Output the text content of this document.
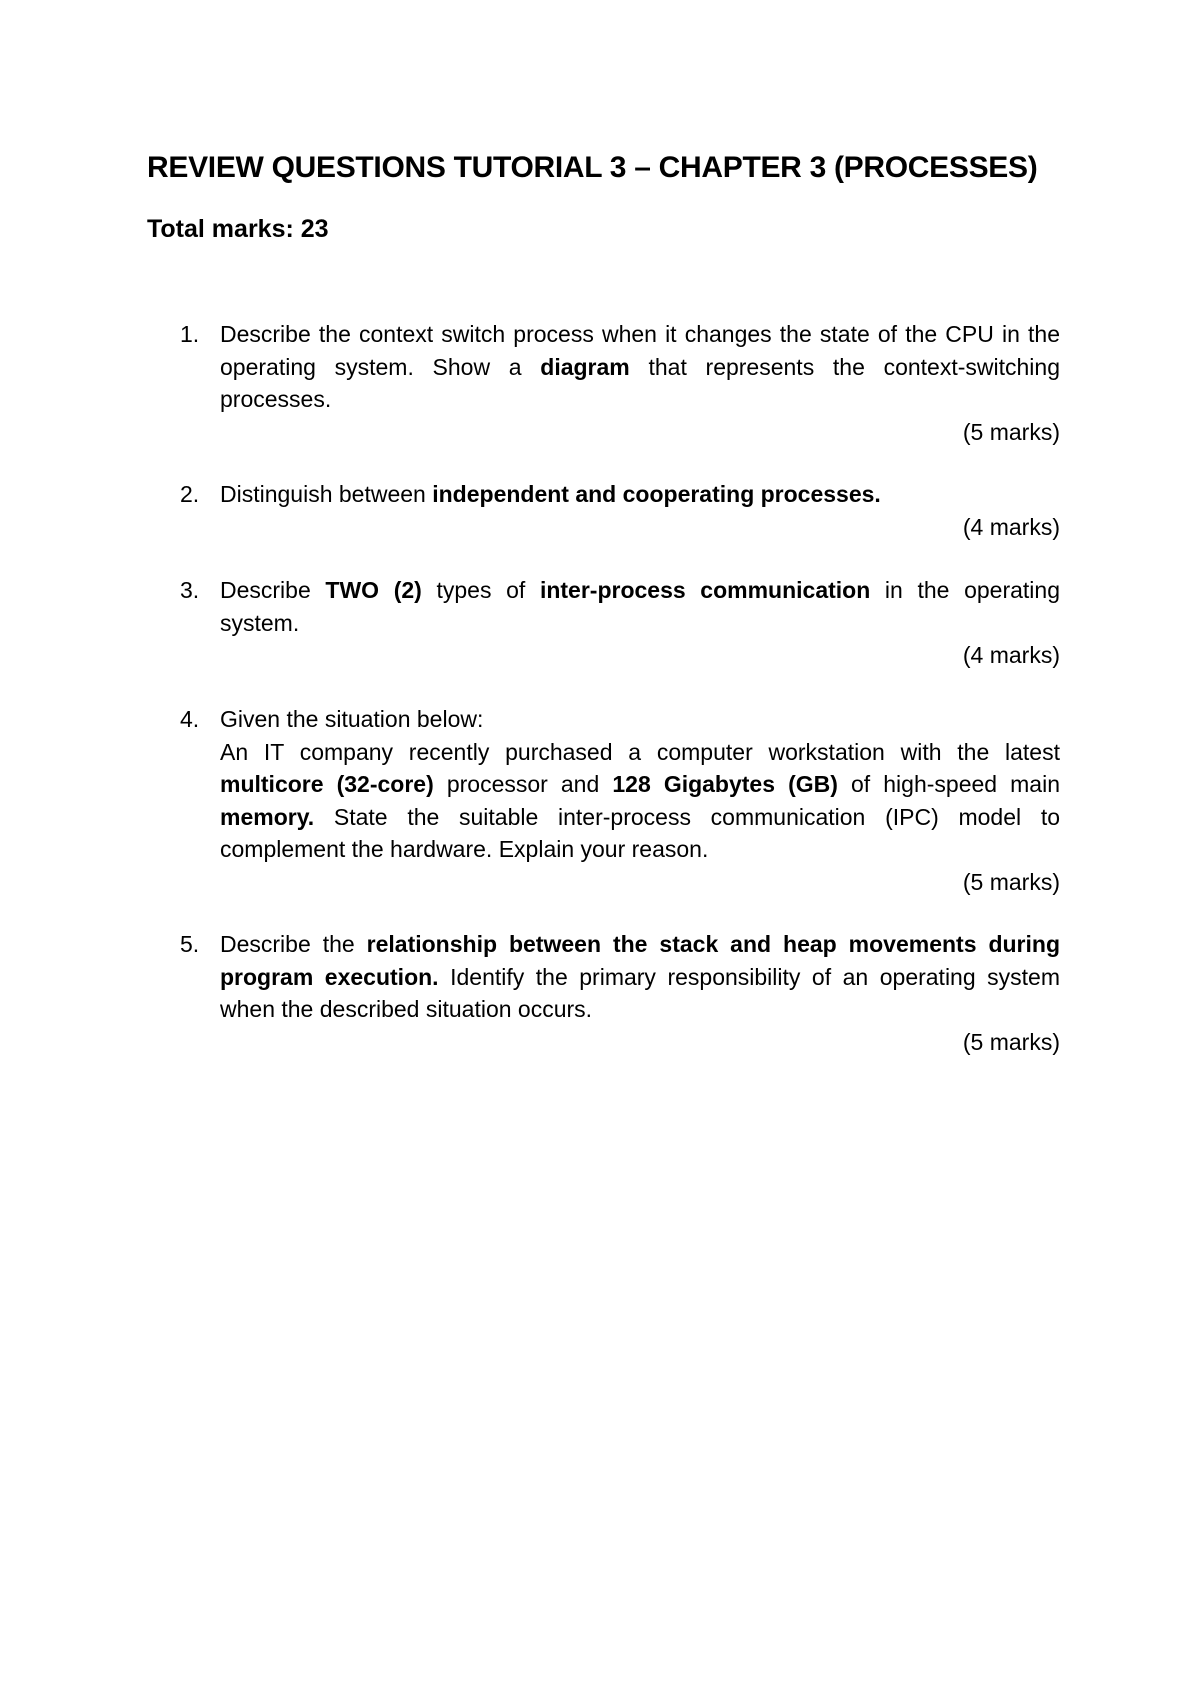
REVIEW QUESTIONS TUTORIAL 3 – CHAPTER 3 (PROCESSES)
Total marks: 23
1. Describe the context switch process when it changes the state of the CPU in the operating system. Show a diagram that represents the context-switching processes.
(5 marks)
2. Distinguish between independent and cooperating processes.
(4 marks)
3. Describe TWO (2) types of inter-process communication in the operating system.
(4 marks)
4. Given the situation below:
An IT company recently purchased a computer workstation with the latest multicore (32-core) processor and 128 Gigabytes (GB) of high-speed main memory. State the suitable inter-process communication (IPC) model to complement the hardware. Explain your reason.
(5 marks)
5. Describe the relationship between the stack and heap movements during program execution. Identify the primary responsibility of an operating system when the described situation occurs.
(5 marks)
